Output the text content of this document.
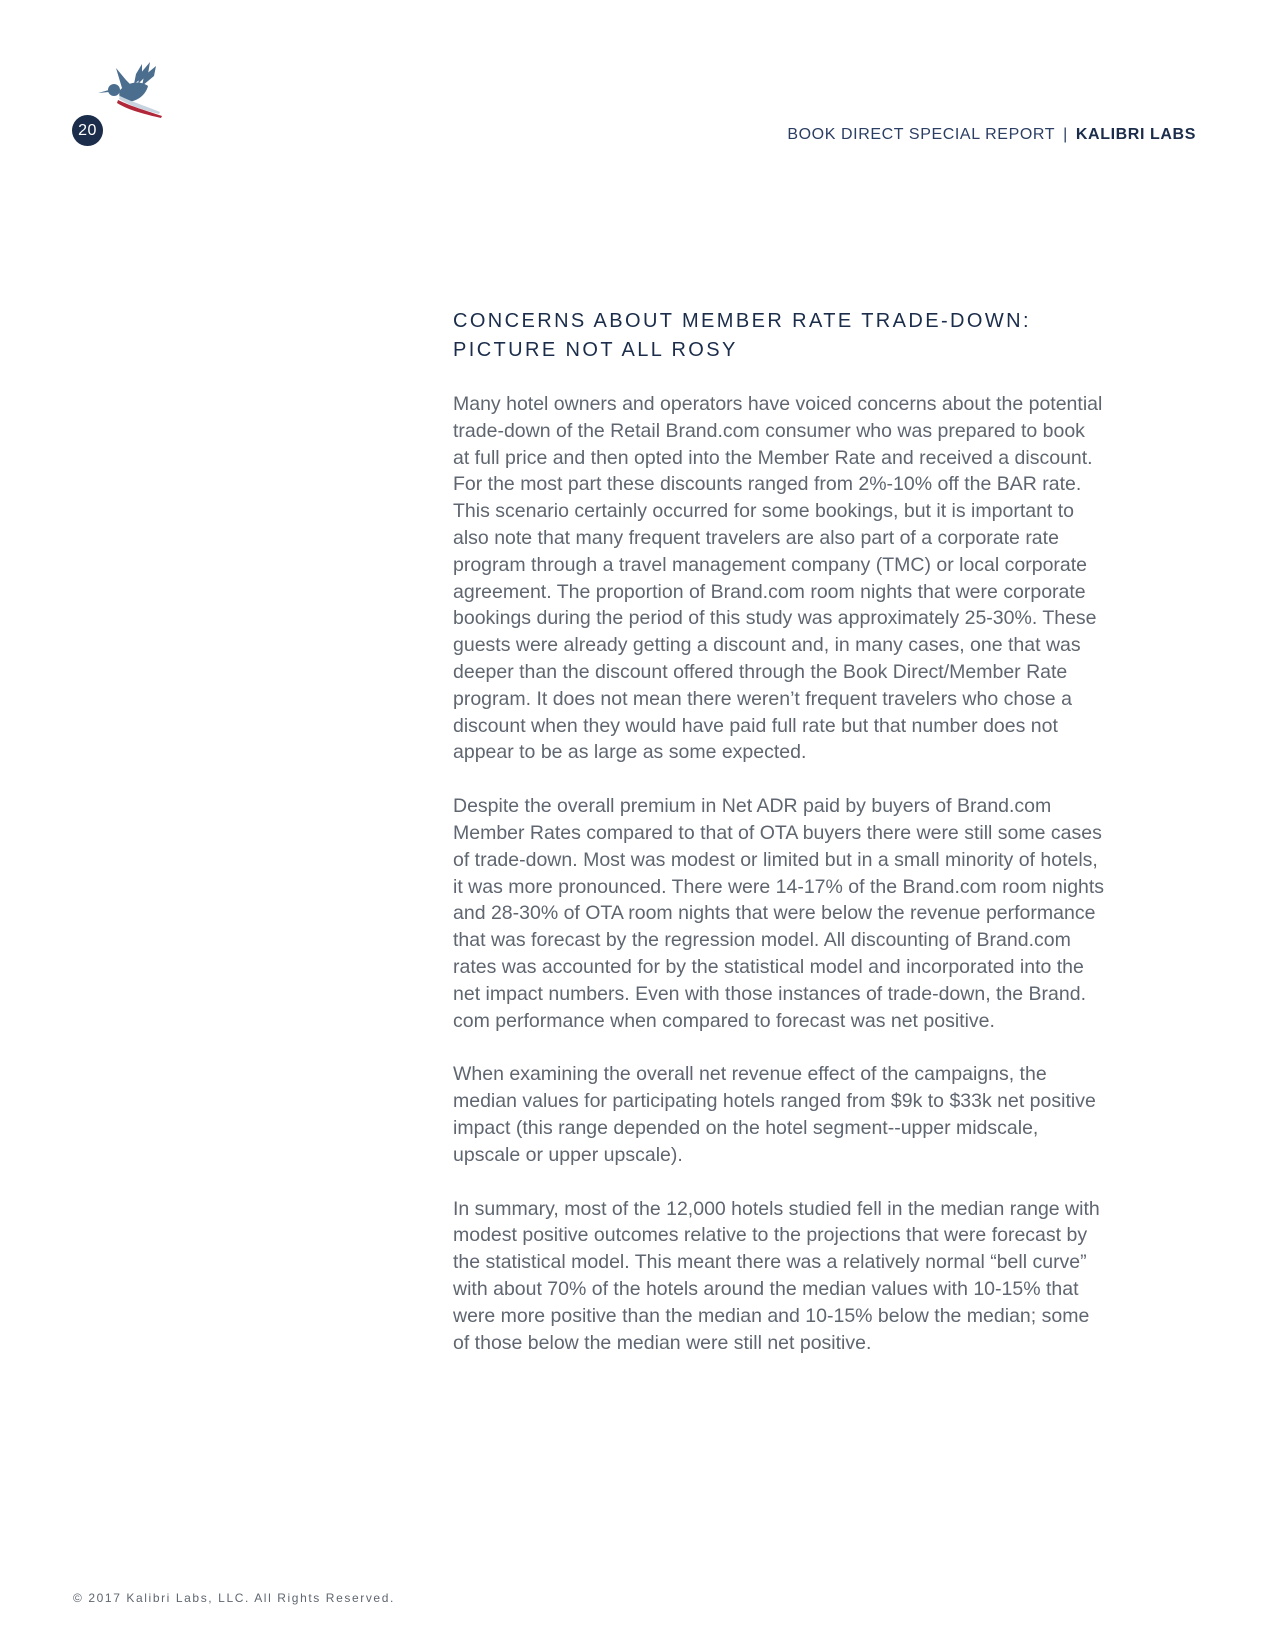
20	BOOK DIRECT SPECIAL REPORT | KALIBRI LABS
CONCERNS ABOUT MEMBER RATE TRADE-DOWN:
PICTURE NOT ALL ROSY

Many hotel owners and operators have voiced concerns about the potential
trade-down of the Retail Brand.com consumer who was prepared to book
at full price and then opted into the Member Rate and received a discount.
For the most part these discounts ranged from 2%-10% off the BAR rate.
This scenario certainly occurred for some bookings, but it is important to
also note that many frequent travelers are also part of a corporate rate
program through a travel management company (TMC) or local corporate
agreement. The proportion of Brand.com room nights that were corporate
bookings during the period of this study was approximately 25-30%. These
guests were already getting a discount and, in many cases, one that was
deeper than the discount offered through the Book Direct/Member Rate
program. It does not mean there weren’t frequent travelers who chose a
discount when they would have paid full rate but that number does not
appear to be as large as some expected.

Despite the overall premium in Net ADR paid by buyers of Brand.com
Member Rates compared to that of OTA buyers there were still some cases
of trade-down. Most was modest or limited but in a small minority of hotels,
it was more pronounced. There were 14-17% of the Brand.com room nights
and 28-30% of OTA room nights that were below the revenue performance
that was forecast by the regression model. All discounting of Brand.com
rates was accounted for by the statistical model and incorporated into the
net impact numbers. Even with those instances of trade-down, the Brand.
com performance when compared to forecast was net positive.

When examining the overall net revenue effect of the campaigns, the
median values for participating hotels ranged from $9k to $33k net positive
impact (this range depended on the hotel segment--upper midscale,
upscale or upper upscale).

In summary, most of the 12,000 hotels studied fell in the median range with
modest positive outcomes relative to the projections that were forecast by
the statistical model. This meant there was a relatively normal “bell curve”
with about 70% of the hotels around the median values with 10-15% that
were more positive than the median and 10-15% below the median; some
of those below the median were still net positive.

© 2017 Kalibri Labs, LLC. All Rights Reserved.
